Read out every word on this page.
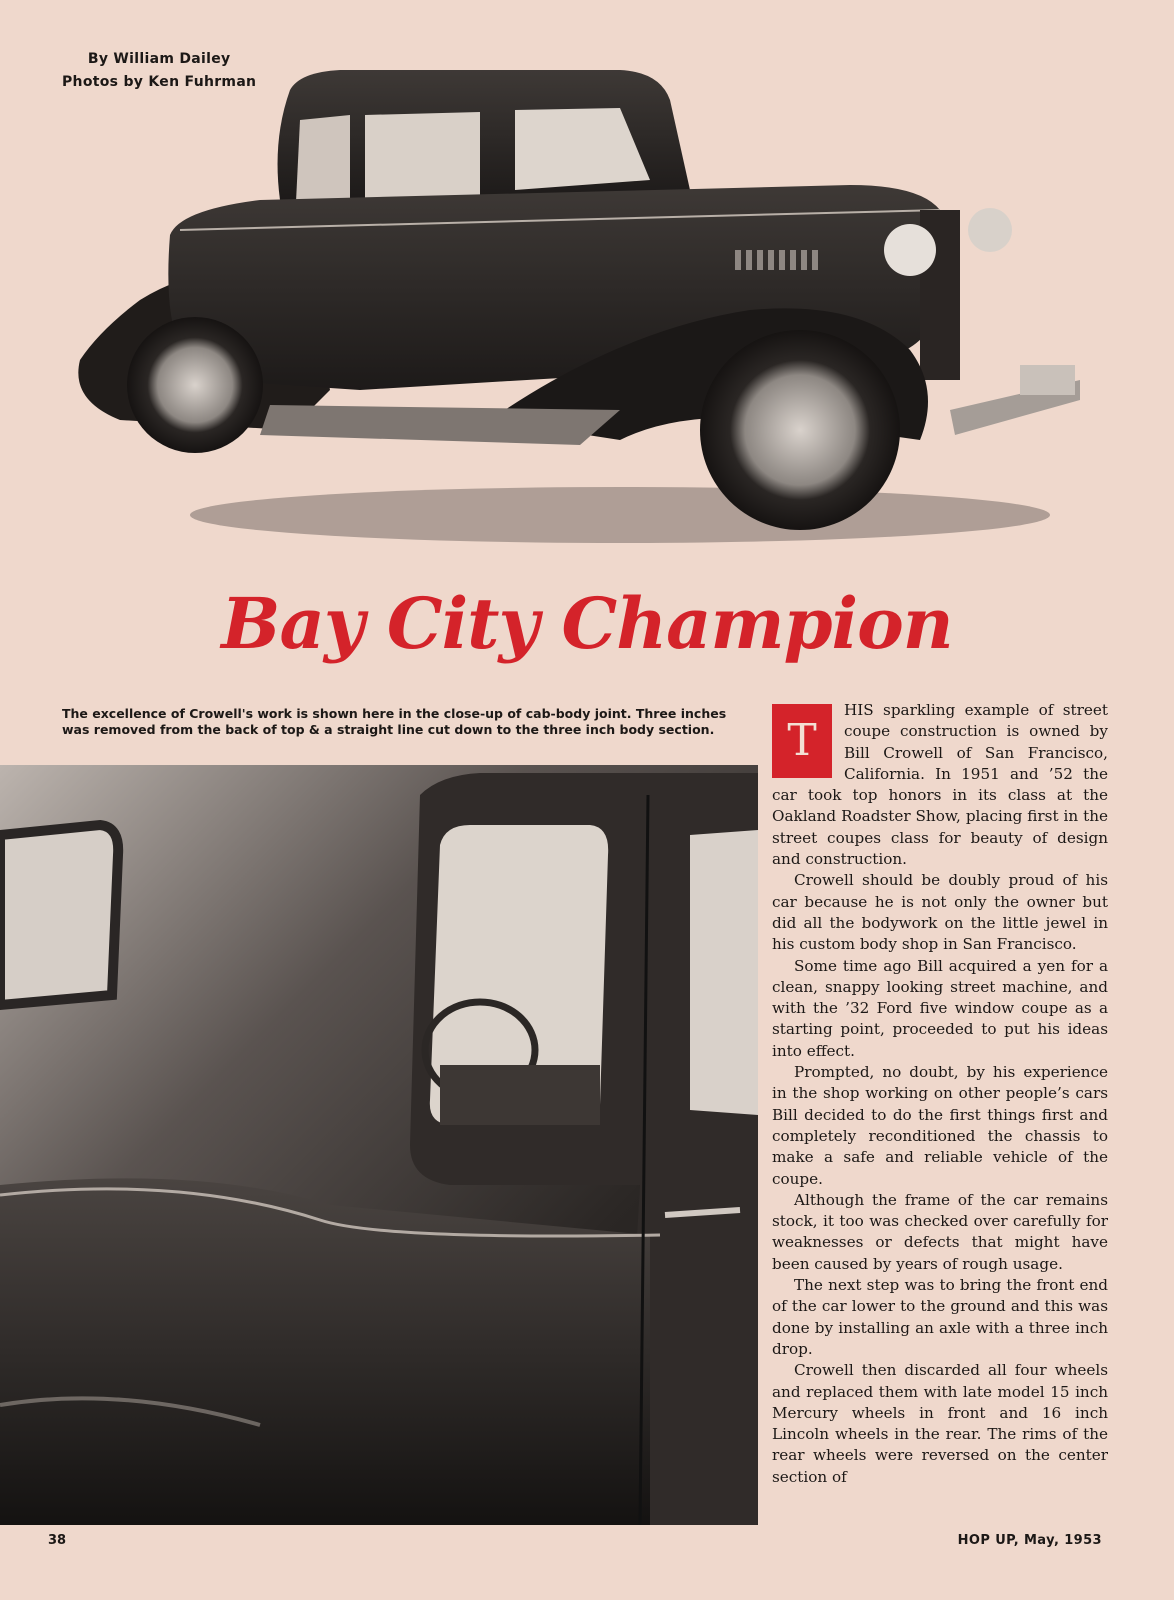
By William Dailey
Photos by Ken Fuhrman
Bay City Champion
The excellence of Crowell's work is shown here in the close-up of cab-body joint. Three inches was removed from the back of top & a straight line cut down to the three inch body section.	T
HIS sparkling example of street coupe construction is owned by Bill Crowell of San Francisco, California. In 1951 and ’52 the car took top honors in its class at the Oakland Roadster Show, placing first in the street coupes class for beauty of design and construction.

Crowell should be doubly proud of his car because he is not only the owner but did all the bodywork on the little jewel in his custom body shop in San Francisco.

Some time ago Bill acquired a yen for a clean, snappy looking street machine, and with the ’32 Ford five window coupe as a starting point, proceeded to put his ideas into effect.

Prompted, no doubt, by his experience in the shop working on other people’s cars Bill decided to do the first things first and completely reconditioned the chassis to make a safe and reliable vehicle of the coupe.

Although the frame of the car remains stock, it too was checked over carefully for weaknesses or defects that might have been caused by years of rough usage.

The next step was to bring the front end of the car lower to the ground and this was done by installing an axle with a three inch drop.

Crowell then discarded all four wheels and replaced them with late model 15 inch Mercury wheels in front and 16 inch Lincoln wheels in the rear. The rims of the rear wheels were reversed on the center section of

38	HOP UP, May, 1953
